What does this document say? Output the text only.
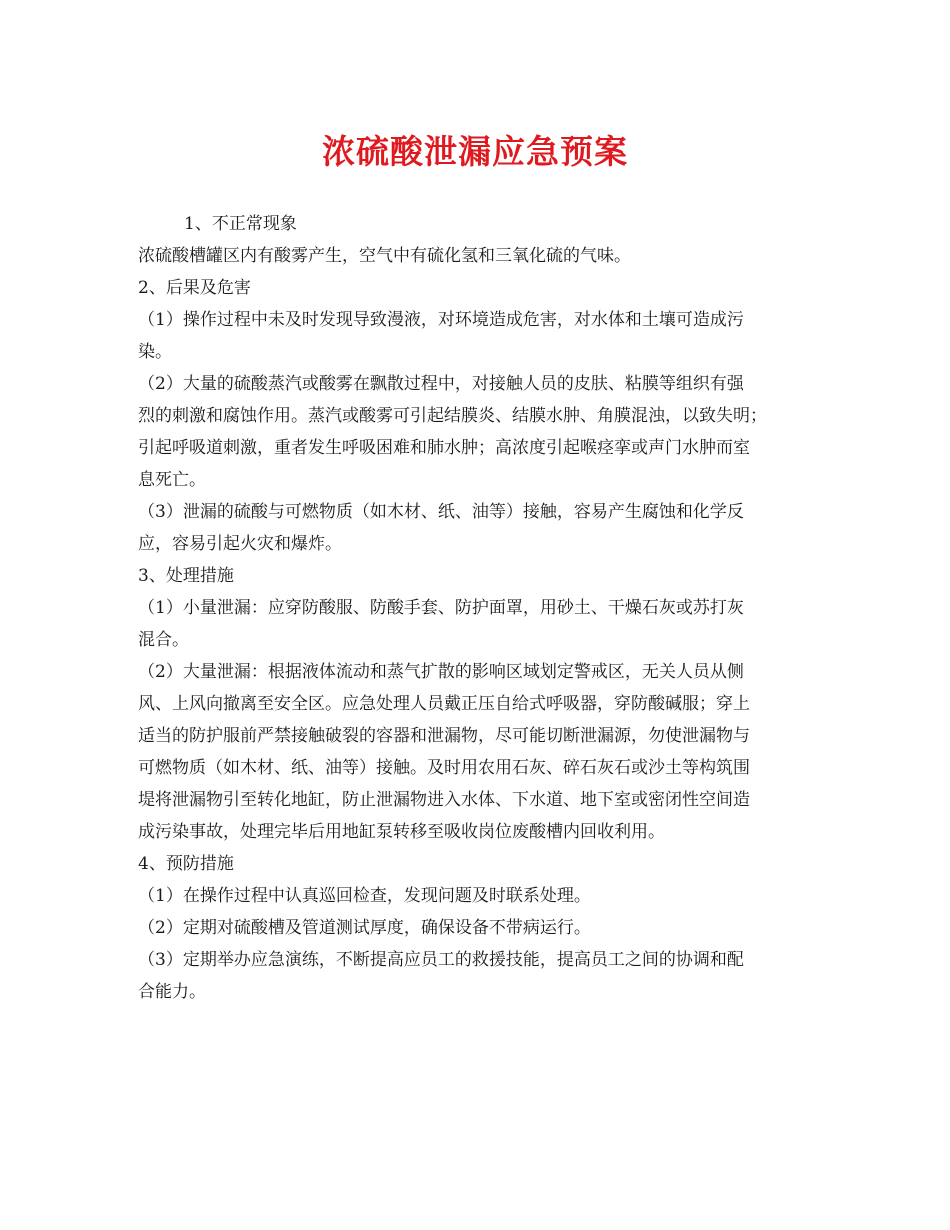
浓硫酸泄漏应急预案
1、不正常现象
浓硫酸槽罐区内有酸雾产生，空气中有硫化氢和三氧化硫的气味。
2、后果及危害
（1）操作过程中未及时发现导致漫液，对环境造成危害，对水体和土壤可造成污
染。
（2）大量的硫酸蒸汽或酸雾在飘散过程中，对接触人员的皮肤、粘膜等组织有强
烈的刺激和腐蚀作用。蒸汽或酸雾可引起结膜炎、结膜水肿、角膜混浊，以致失明；
引起呼吸道刺激，重者发生呼吸困难和肺水肿；高浓度引起喉痉挛或声门水肿而室
息死亡。
（3）泄漏的硫酸与可燃物质（如木材、纸、油等）接触，容易产生腐蚀和化学反
应，容易引起火灾和爆炸。
3、处理措施
（1）小量泄漏：应穿防酸服、防酸手套、防护面罩，用砂土、干燥石灰或苏打灰
混合。
（2）大量泄漏：根据液体流动和蒸气扩散的影响区域划定警戒区，无关人员从侧
风、上风向撤离至安全区。应急处理人员戴正压自给式呼吸器，穿防酸碱服；穿上
适当的防护服前严禁接触破裂的容器和泄漏物，尽可能切断泄漏源，勿使泄漏物与
可燃物质（如木材、纸、油等）接触。及时用农用石灰、碎石灰石或沙土等构筑围
堤将泄漏物引至转化地缸，防止泄漏物进入水体、下水道、地下室或密闭性空间造
成污染事故，处理完毕后用地缸泵转移至吸收岗位废酸槽内回收利用。
4、预防措施
（1）在操作过程中认真巡回检查，发现问题及时联系处理。
（2）定期对硫酸槽及管道测试厚度，确保设备不带病运行。
（3）定期举办应急演练，不断提高应员工的救援技能，提高员工之间的协调和配
合能力。
